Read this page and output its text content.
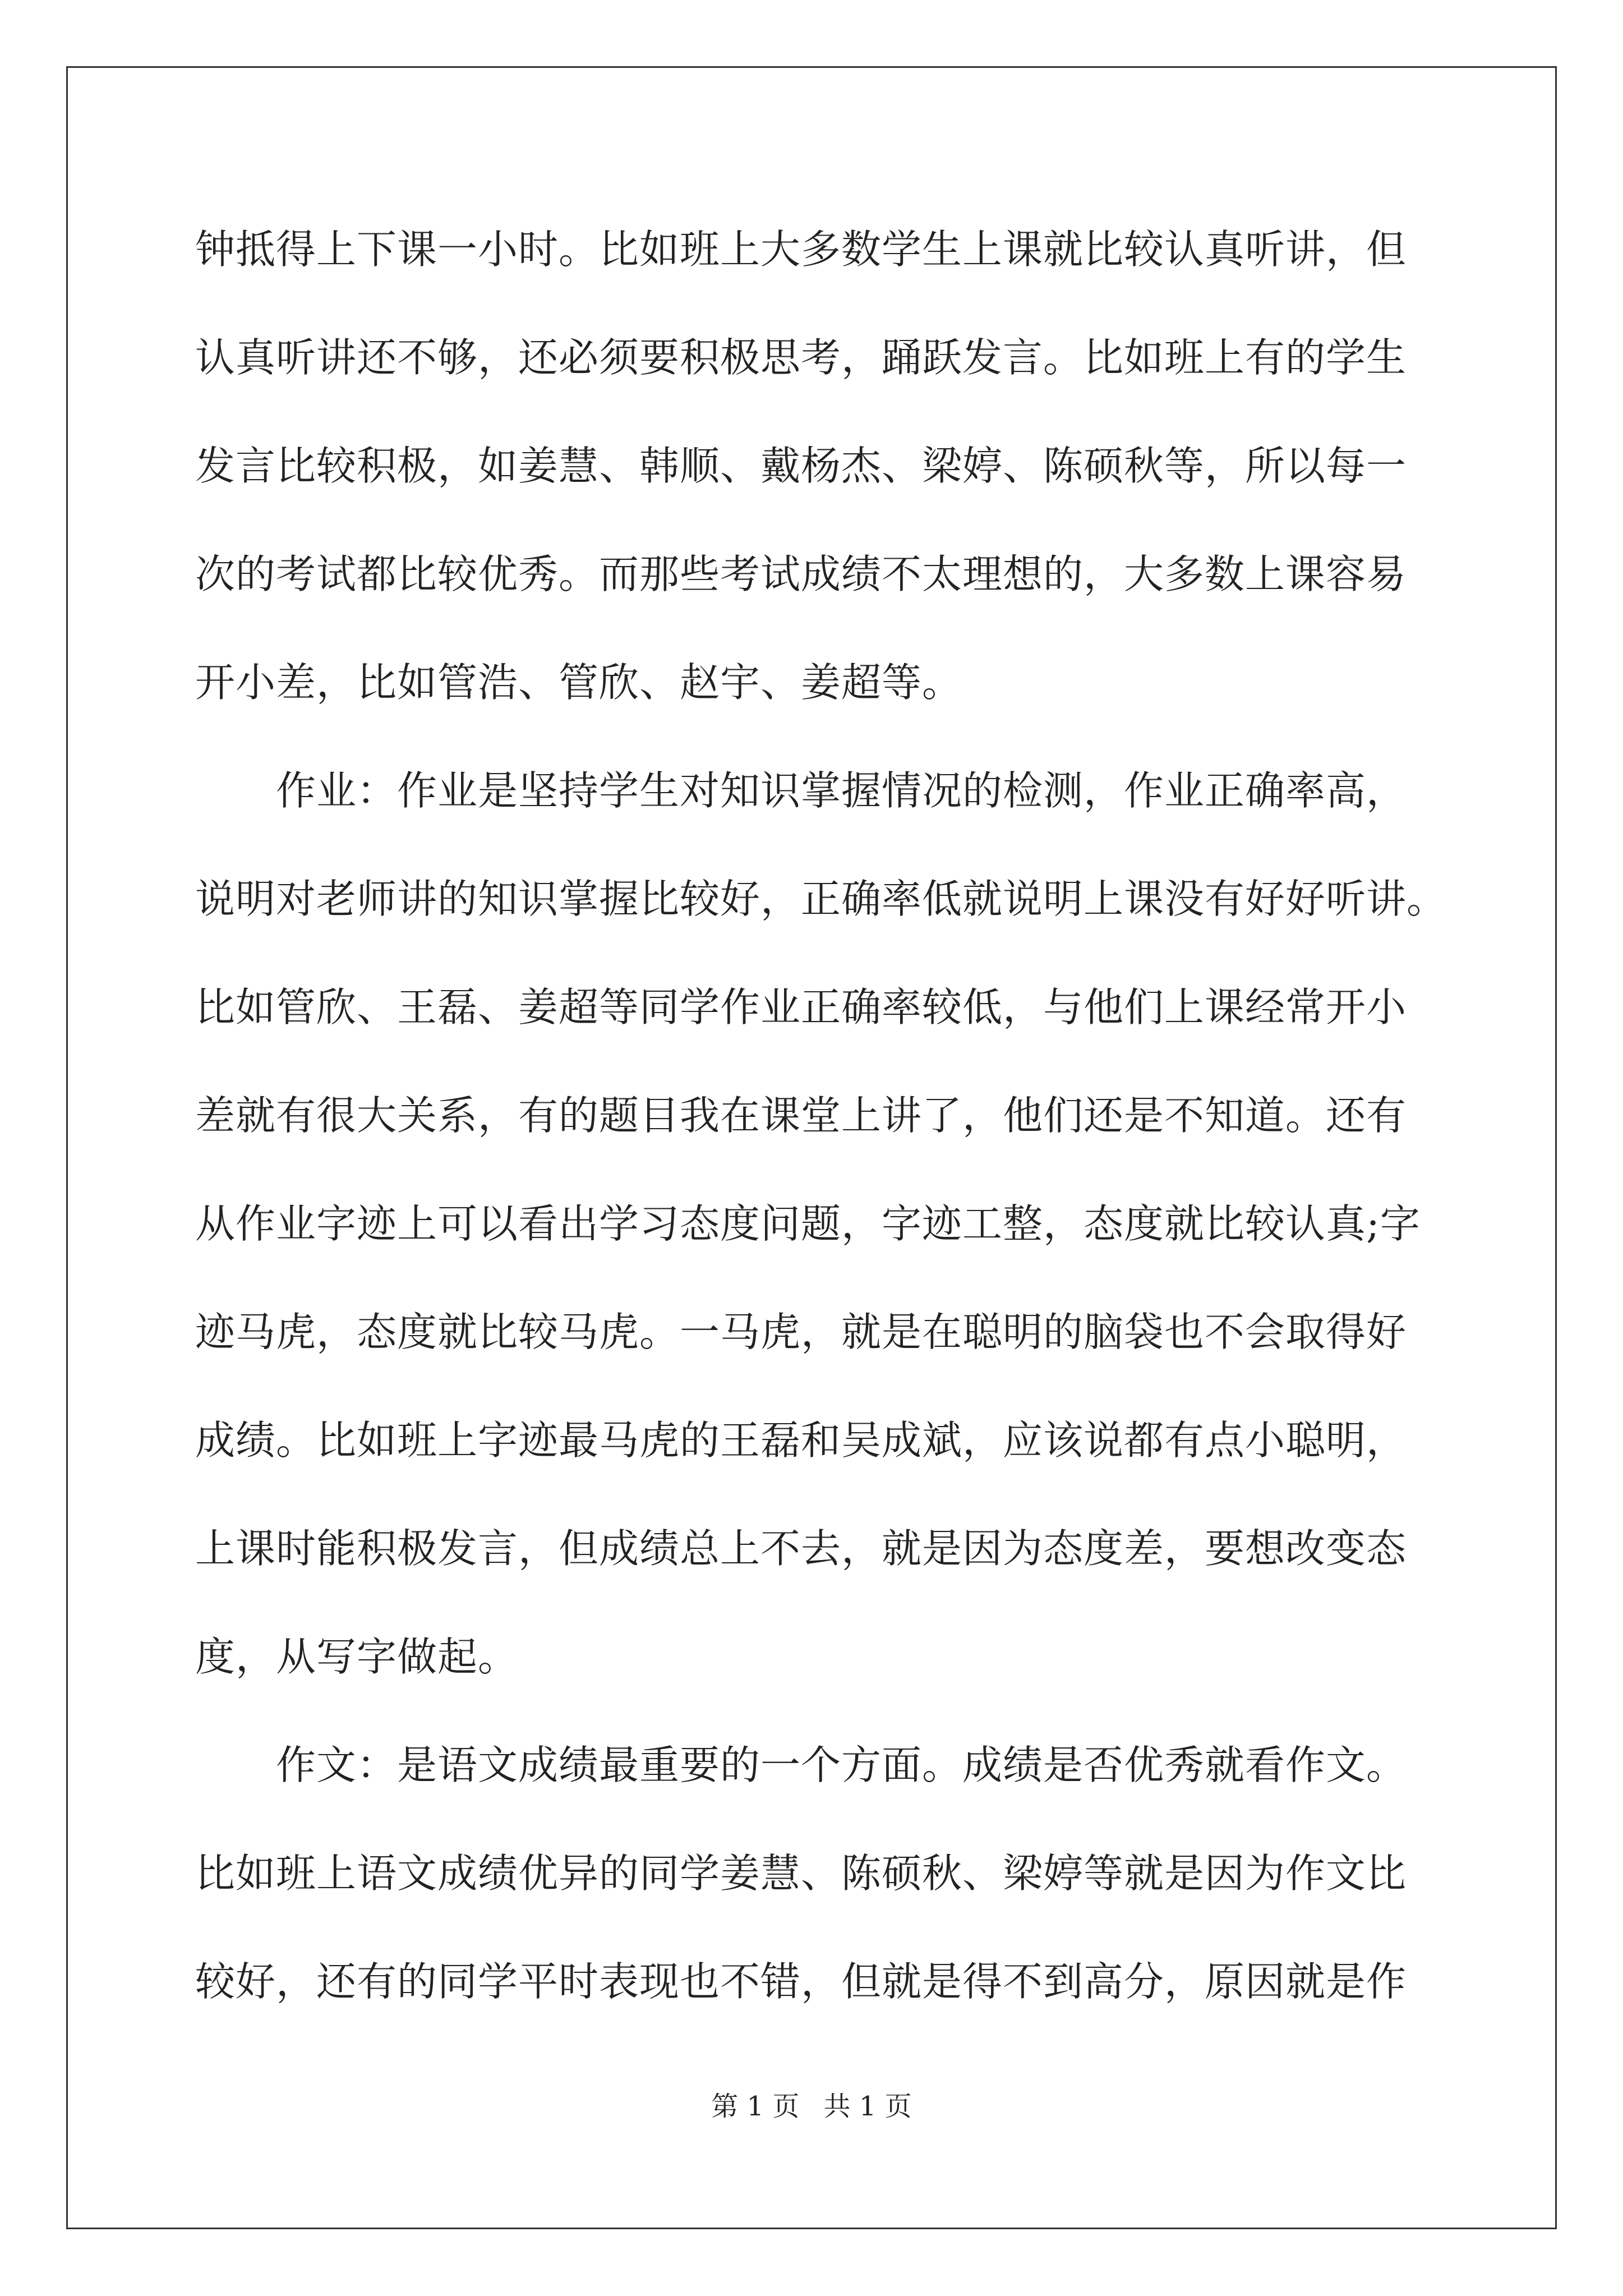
钟抵得上下课一小时。比如班上大多数学生上课就比较认真听讲，但
认真听讲还不够，还必须要积极思考，踊跃发言。比如班上有的学生
发言比较积极，如姜慧、韩顺、戴杨杰、梁婷、陈硕秋等，所以每一
次的考试都比较优秀。而那些考试成绩不太理想的，大多数上课容易
开小差，比如管浩、管欣、赵宇、姜超等。
　　作业：作业是坚持学生对知识掌握情况的检测，作业正确率高，
说明对老师讲的知识掌握比较好，正确率低就说明上课没有好好听讲。
比如管欣、王磊、姜超等同学作业正确率较低，与他们上课经常开小
差就有很大关系，有的题目我在课堂上讲了，他们还是不知道。还有
从作业字迹上可以看出学习态度问题，字迹工整，态度就比较认真;字
迹马虎，态度就比较马虎。一马虎，就是在聪明的脑袋也不会取得好
成绩。比如班上字迹最马虎的王磊和吴成斌，应该说都有点小聪明，
上课时能积极发言，但成绩总上不去，就是因为态度差，要想改变态
度，从写字做起。
　　作文：是语文成绩最重要的一个方面。成绩是否优秀就看作文。
比如班上语文成绩优异的同学姜慧、陈硕秋、梁婷等就是因为作文比
较好，还有的同学平时表现也不错，但就是得不到高分，原因就是作
第 1 页 共 1 页
